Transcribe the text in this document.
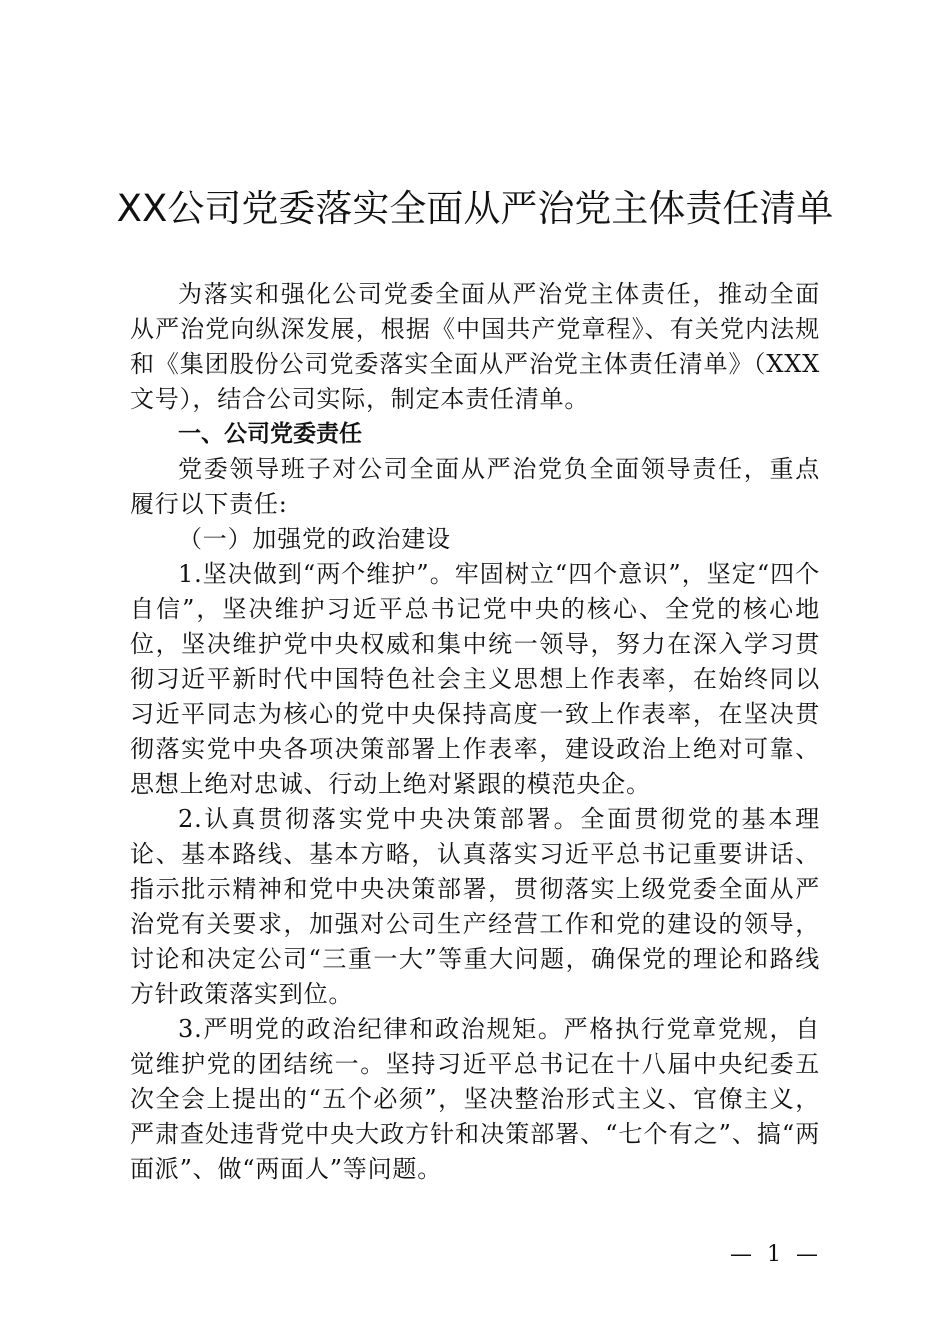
XX公司党委落实全面从严治党主体责任清单

为落实和强化公司党委全面从严治党主体责任，推动全面从严治党向纵深发展，根据《中国共产党章程》、有关党内法规和《集团股份公司党委落实全面从严治党主体责任清单》（XXX文号），结合公司实际，制定本责任清单。

一、公司党委责任

党委领导班子对公司全面从严治党负全面领导责任，重点履行以下责任:

（一）加强党的政治建设

1.坚决做到“两个维护”。牢固树立“四个意识”，坚定“四个自信”，坚决维护习近平总书记党中央的核心、全党的核心地位，坚决维护党中央权威和集中统一领导，努力在深入学习贯彻习近平新时代中国特色社会主义思想上作表率，在始终同以习近平同志为核心的党中央保持高度一致上作表率，在坚决贯彻落实党中央各项决策部署上作表率，建设政治上绝对可靠、思想上绝对忠诚、行动上绝对紧跟的模范央企。

2.认真贯彻落实党中央决策部署。全面贯彻党的基本理论、基本路线、基本方略，认真落实习近平总书记重要讲话、指示批示精神和党中央决策部署，贯彻落实上级党委全面从严治党有关要求，加强对公司生产经营工作和党的建设的领导，讨论和决定公司“三重一大”等重大问题，确保党的理论和路线方针政策落实到位。

3.严明党的政治纪律和政治规矩。严格执行党章党规，自觉维护党的团结统一。坚持习近平总书记在十八届中央纪委五次全会上提出的“五个必须”，坚决整治形式主义、官僚主义，严肃查处违背党中央大政方针和决策部署、“七个有之”、搞“两面派”、做“两面人”等问题。

— 1 —
